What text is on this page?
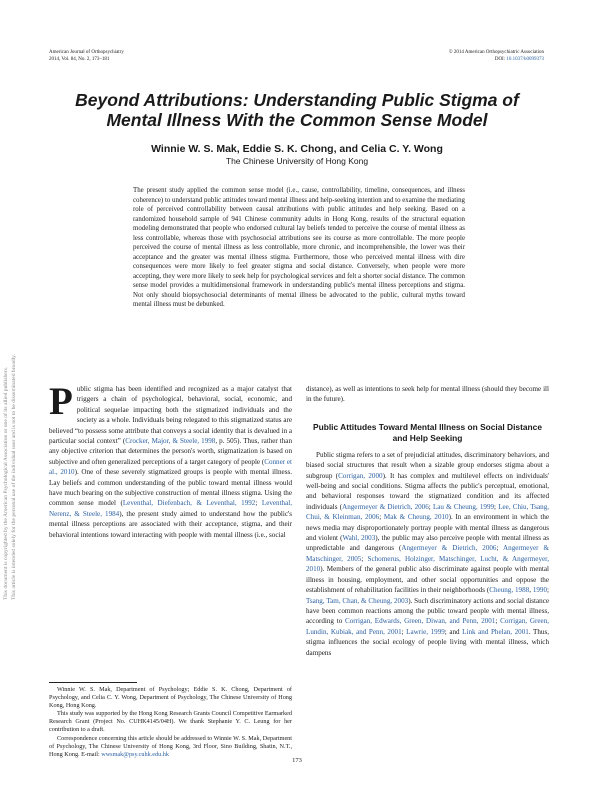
American Journal of Orthopsychiatry
2014, Vol. 84, No. 2, 173–181
© 2014 American Orthopsychiatric Association
DOI: 10.1037/h0099373
This document is copyrighted by the American Psychological Association or one of its allied publishers. This article is intended solely for the personal use of the individual user and is not to be disseminated broadly.
Beyond Attributions: Understanding Public Stigma of
Mental Illness With the Common Sense Model
Winnie W. S. Mak, Eddie S. K. Chong, and Celia C. Y. Wong
The Chinese University of Hong Kong
The present study applied the common sense model (i.e., cause, controllability, timeline, consequences, and illness coherence) to understand public attitudes toward mental illness and help-seeking intention and to examine the mediating role of perceived controllability between causal attributions with public attitudes and help seeking. Based on a randomized household sample of 941 Chinese community adults in Hong Kong, results of the structural equation modeling demonstrated that people who endorsed cultural lay beliefs tended to perceive the course of mental illness as less controllable, whereas those with psychosocial attributions see its course as more controllable. The more people perceived the course of mental illness as less controllable, more chronic, and incomprehensible, the lower was their acceptance and the greater was mental illness stigma. Furthermore, those who perceived mental illness with dire consequences were more likely to feel greater stigma and social distance. Conversely, when people were more accepting, they were more likely to seek help for psychological services and felt a shorter social distance. The common sense model provides a multidimensional framework in understanding public's mental illness perceptions and stigma. Not only should biopsychosocial determinants of mental illness be advocated to the public, cultural myths toward mental illness must be debunked.
Public stigma has been identified and recognized as a major catalyst that triggers a chain of psychological, behavioral, social, economic, and political sequelae impacting both the stigmatized individuals and the society as a whole. Individuals being relegated to this stigmatized status are believed “to possess some attribute that conveys a social identity that is devalued in a particular social context” (Crocker, Major, & Steele, 1998, p. 505). Thus, rather than any objective criterion that determines the person's worth, stigmatization is based on subjective and often generalized perceptions of a target category of people (Conner et al., 2010). One of these severely stigmatized groups is people with mental illness. Lay beliefs and common understanding of the public toward mental illness would have much bearing on the subjective construction of mental illness stigma. Using the common sense model (Leventhal, Diefenbach, & Leventhal, 1992; Leventhal, Nerenz, & Steele, 1984), the present study aimed to understand how the public's mental illness perceptions are associated with their acceptance, stigma, and their behavioral intentions toward interacting with people with mental illness (i.e., social

Winnie W. S. Mak, Department of Psychology; Eddie S. K. Chong, Department of Psychology, and Celia C. Y. Wong, Department of Psychology, The Chinese University of Hong Kong, Hong Kong.

This study was supported by the Hong Kong Research Grants Council Competitive Earmarked Research Grant (Project No. CUHK4145/04H). We thank Stephanie Y. C. Leung for her contribution to a draft.

Correspondence concerning this article should be addressed to Winnie W. S. Mak, Department of Psychology, The Chinese University of Hong Kong, 3rd Floor, Sino Building, Shatin, N.T., Hong Kong. E-mail: wwsmak@psy.cuhk.edu.hk

distance), as well as intentions to seek help for mental illness (should they become ill in the future).
Public Attitudes Toward Mental Illness on Social Distance and Help Seeking
Public stigma refers to a set of prejudicial attitudes, discriminatory behaviors, and biased social structures that result when a sizable group endorses stigma about a subgroup (Corrigan, 2000). It has complex and multilevel effects on individuals' well-being and social conditions. Stigma affects the public's perceptual, emotional, and behavioral responses toward the stigmatized condition and its affected individuals (Angermeyer & Dietrich, 2006; Lau & Cheung, 1999; Lee, Chiu, Tsang, Chui, & Kleinman, 2006; Mak & Cheung, 2010). In an environment in which the news media may disproportionately portray people with mental illness as dangerous and violent (Wahl, 2003), the public may also perceive people with mental illness as unpredictable and dangerous (Angermeyer & Dietrich, 2006; Angermeyer & Matschinger, 2005; Schomerus, Holzinger, Matschinger, Lucht, & Angermeyer, 2010). Members of the general public also discriminate against people with mental illness in housing, employment, and other social opportunities and oppose the establishment of rehabilitation facilities in their neighborhoods (Cheung, 1988, 1990; Tsang, Tam, Chan, & Cheung, 2003). Such discriminatory actions and social distance have been common reactions among the public toward people with mental illness, according to Corrigan, Edwards, Green, Diwan, and Penn, 2001; Corrigan, Green, Lundin, Kubiak, and Penn, 2001; Lawrie, 1999; and Link and Phelan, 2001. Thus, stigma influences the social ecology of people living with mental illness, which dampens
173
